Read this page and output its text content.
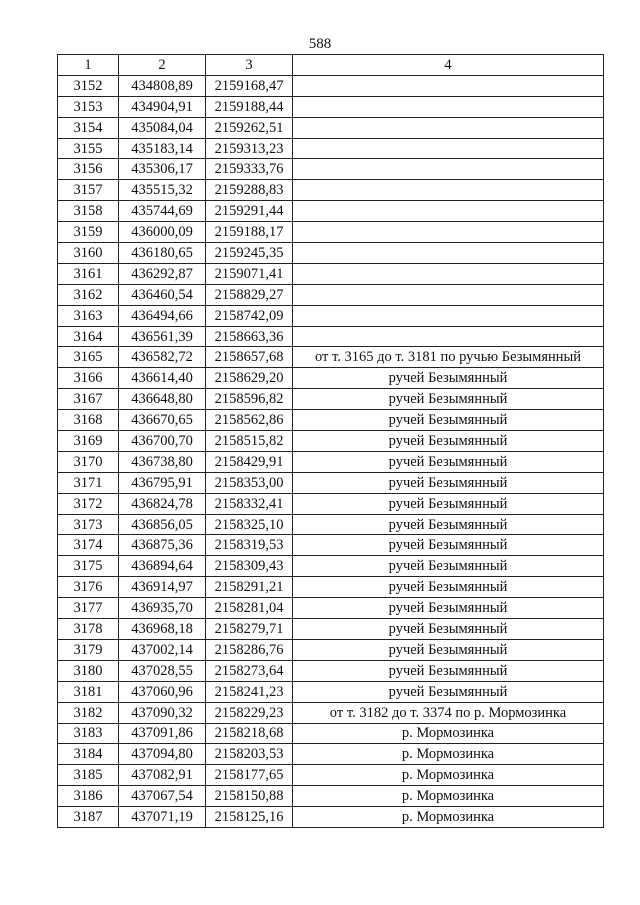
588
1	2	3	4
3152	434808,89	2159168,47	
3153	434904,91	2159188,44	
3154	435084,04	2159262,51	
3155	435183,14	2159313,23	
3156	435306,17	2159333,76	
3157	435515,32	2159288,83	
3158	435744,69	2159291,44	
3159	436000,09	2159188,17	
3160	436180,65	2159245,35	
3161	436292,87	2159071,41	
3162	436460,54	2158829,27	
3163	436494,66	2158742,09	
3164	436561,39	2158663,36	
3165	436582,72	2158657,68	от т. 3165 до т. 3181 по ручью Безымянный
3166	436614,40	2158629,20	ручей Безымянный
3167	436648,80	2158596,82	ручей Безымянный
3168	436670,65	2158562,86	ручей Безымянный
3169	436700,70	2158515,82	ручей Безымянный
3170	436738,80	2158429,91	ручей Безымянный
3171	436795,91	2158353,00	ручей Безымянный
3172	436824,78	2158332,41	ручей Безымянный
3173	436856,05	2158325,10	ручей Безымянный
3174	436875,36	2158319,53	ручей Безымянный
3175	436894,64	2158309,43	ручей Безымянный
3176	436914,97	2158291,21	ручей Безымянный
3177	436935,70	2158281,04	ручей Безымянный
3178	436968,18	2158279,71	ручей Безымянный
3179	437002,14	2158286,76	ручей Безымянный
3180	437028,55	2158273,64	ручей Безымянный
3181	437060,96	2158241,23	ручей Безымянный
3182	437090,32	2158229,23	от т. 3182 до т. 3374 по р. Мормозинка
3183	437091,86	2158218,68	р. Мормозинка
3184	437094,80	2158203,53	р. Мормозинка
3185	437082,91	2158177,65	р. Мормозинка
3186	437067,54	2158150,88	р. Мормозинка
3187	437071,19	2158125,16	р. Мормозинка
